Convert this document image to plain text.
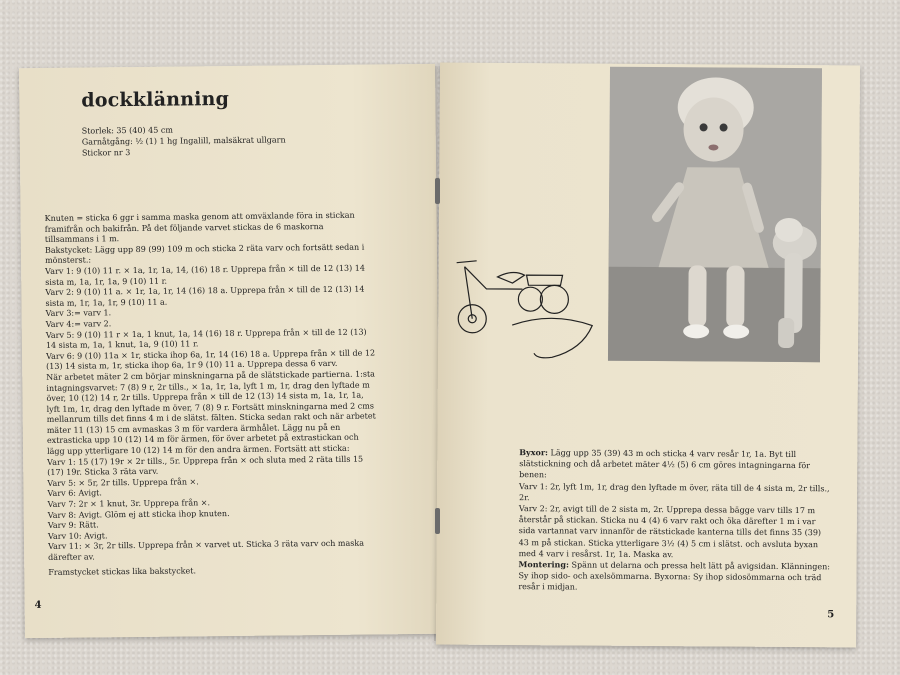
dockklänning
Storlek: 35 (40) 45 cm
Garnåtgång: ½ (1) 1 hg Ingalill, malsäkrat ullgarn
Stickor nr 3

Knuten = sticka 6 ggr i samma maska genom att omväxlande föra in stickan framifrån och bakifrån. På det följande varvet stickas de 6 maskorna tillsammans i 1 m.

Bakstycket: Lägg upp 89 (99) 109 m och sticka 2 räta varv och fortsätt sedan i mönsterst.:

Varv 1: 9 (10) 11 r. × 1a, 1r, 1a, 14, (16) 18 r. Upprepa från × till de 12 (13) 14 sista m, 1a, 1r, 1a, 9 (10) 11 r.

Varv 2: 9 (10) 11 a. × 1r, 1a, 1r, 14 (16) 18 a. Upprepa från × till de 12 (13) 14 sista m, 1r, 1a, 1r, 9 (10) 11 a.

Varv 3:= varv 1.

Varv 4:= varv 2.

Varv 5: 9 (10) 11 r × 1a, 1 knut, 1a, 14 (16) 18 r. Upprepa från × till de 12 (13) 14 sista m, 1a, 1 knut, 1a, 9 (10) 11 r.

Varv 6: 9 (10) 11a × 1r, sticka ihop 6a, 1r, 14 (16) 18 a. Upprepa från × till de 12 (13) 14 sista m, 1r, sticka ihop 6a, 1r 9 (10) 11 a. Upprepa dessa 6 varv.

När arbetet mäter 2 cm börjar minskningarna på de slätstickade partierna. 1:sta intagningsvarvet: 7 (8) 9 r, 2r tills., × 1a, 1r, 1a, lyft 1 m, 1r, drag den lyftade m över, 10 (12) 14 r, 2r tills. Upprepa från × till de 12 (13) 14 sista m, 1a, 1r, 1a, lyft 1m, 1r, drag den lyftade m över, 7 (8) 9 r. Fortsätt minskningarna med 2 cms mellanrum tills det finns 4 m i de slätst. fälten. Sticka sedan rakt och när arbetet mäter 11 (13) 15 cm avmaskas 3 m för vardera ärmhålet. Lägg nu på en extrasticka upp 10 (12) 14 m för ärmen, för över arbetet på extrastickan och lägg upp ytterligare 10 (12) 14 m för den andra ärmen. Fortsätt att sticka:

Varv 1: 15 (17) 19r × 2r tills., 5r. Upprepa från × och sluta med 2 räta tills 15 (17) 19r. Sticka 3 räta varv.

Varv 5: × 5r, 2r tills. Upprepa från ×.

Varv 6: Avigt.

Varv 7: 2r × 1 knut, 3r. Upprepa från ×.

Varv 8: Avigt. Glöm ej att sticka ihop knuten.

Varv 9: Rätt.

Varv 10: Avigt.

Varv 11: × 3r, 2r tills. Upprepa från × varvet ut. Sticka 3 räta varv och maska därefter av.

Framstycket stickas lika bakstycket.

4

Byxor: Lägg upp 35 (39) 43 m och sticka 4 varv resår 1r, 1a. Byt till slätstickning och då arbetet mäter 4½ (5) 6 cm göres intagningarna för benen:

Varv 1: 2r, lyft 1m, 1r, drag den lyftade m över, räta till de 4 sista m, 2r tills., 2r.

Varv 2: 2r, avigt till de 2 sista m, 2r. Upprepa dessa bägge varv tills 17 m återstår på stickan. Sticka nu 4 (4) 6 varv rakt och öka därefter 1 m i var sida vartannat varv innanför de rätstickade kanterna tills det finns 35 (39) 43 m på stickan. Sticka ytterligare 3½ (4) 5 cm i slätst. och avsluta byxan med 4 varv i resårst. 1r, 1a. Maska av.

Montering: Spänn ut delarna och pressa helt lätt på avigsidan. Klänningen: Sy ihop sido- och axelsömmarna. Byxorna: Sy ihop sidosömmarna och träd resår i midjan.

5
